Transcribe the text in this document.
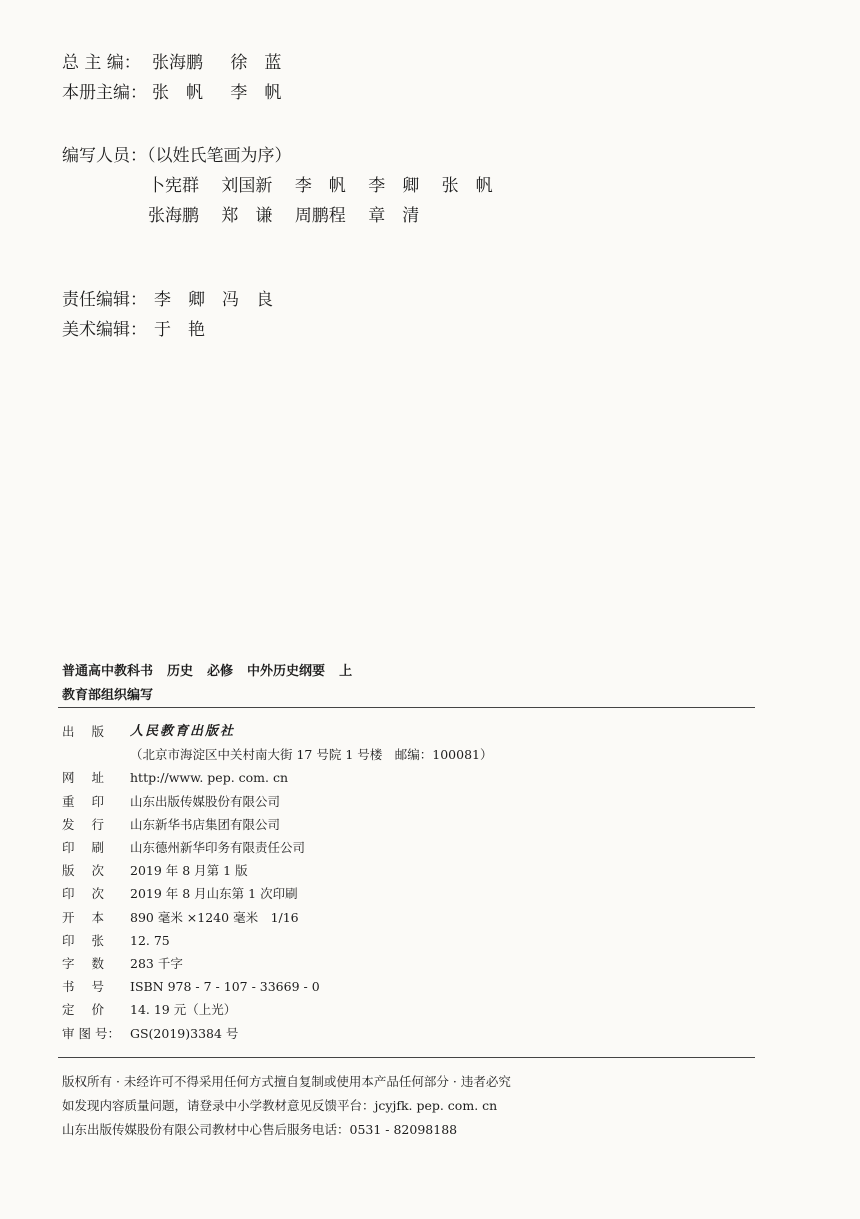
总 主 编： 张海鹏 徐　蓝
本册主编： 张　帆 李　帆
编写人员：（以姓氏笔画为序）
卜宪群 刘国新 李　帆 李　卿 张　帆
张海鹏 郑　谦 周鹏程 章　清
责任编辑： 李　卿　冯　良
美术编辑： 于　艳
普通高中教科书 历史 必修 中外历史纲要 上
教育部组织编写
出 版 人民教育出版社
（北京市海淀区中关村南大街 17 号院 1 号楼　邮编：100081）
网 址 http://www. pep. com. cn
重 印 山东出版传媒股份有限公司
发 行 山东新华书店集团有限公司
印 刷 山东德州新华印务有限责任公司
版 次 2019 年 8 月第 1 版
印 次 2019 年 8 月山东第 1 次印刷
开 本 890 毫米 ×1240 毫米　1/16
印 张 12. 75
字 数 283 千字
书 号 ISBN 978 - 7 - 107 - 33669 - 0
定 价 14. 19 元（上光）
审 图 号： GS(2019)3384 号
版权所有 · 未经许可不得采用任何方式擅自复制或使用本产品任何部分 · 违者必究
如发现内容质量问题，请登录中小学教材意见反馈平台：jcyjfk. pep. com. cn
山东出版传媒股份有限公司教材中心售后服务电话：0531 - 82098188
